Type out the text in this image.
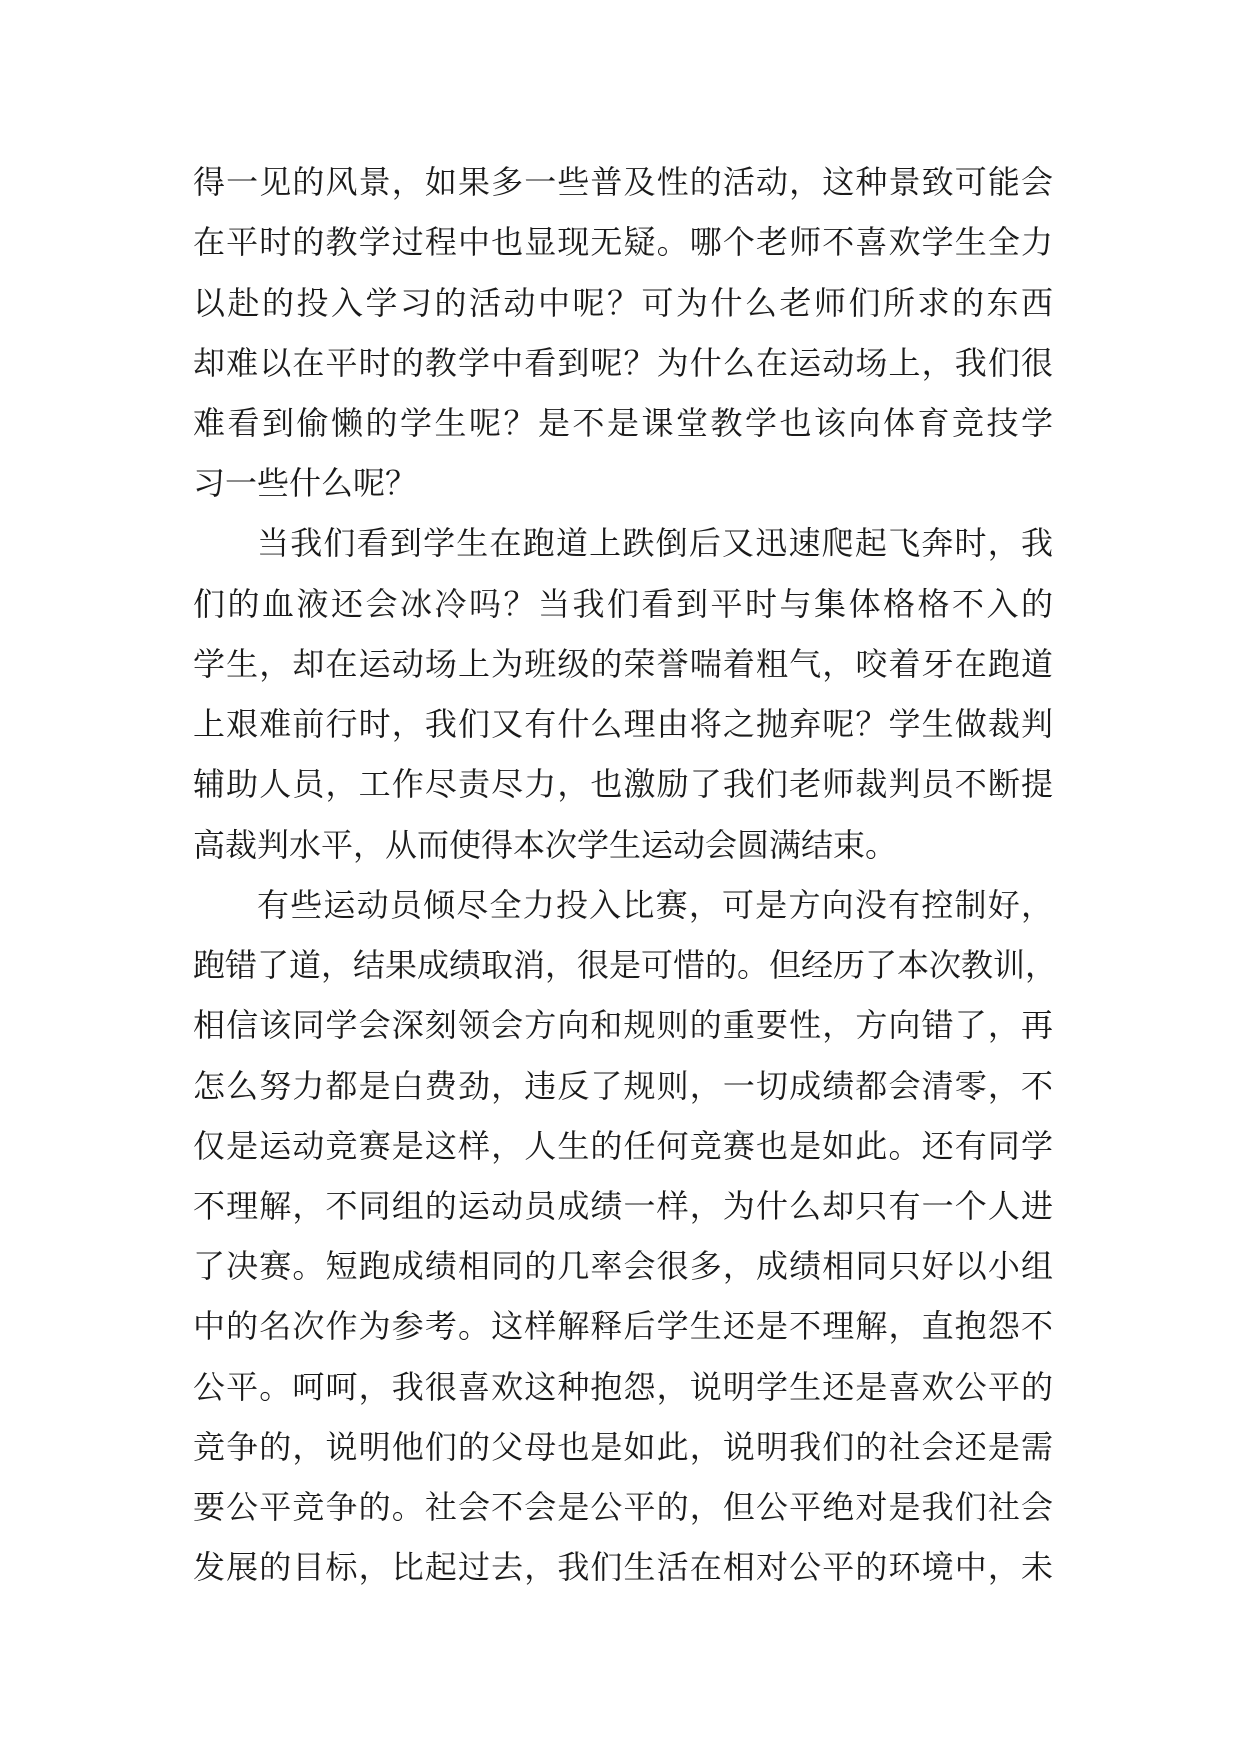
得一见的风景，如果多一些普及性的活动，这种景致可能会
在平时的教学过程中也显现无疑。哪个老师不喜欢学生全力
以赴的投入学习的活动中呢？可为什么老师们所求的东西
却难以在平时的教学中看到呢？为什么在运动场上，我们很
难看到偷懒的学生呢？是不是课堂教学也该向体育竞技学
习一些什么呢？
当我们看到学生在跑道上跌倒后又迅速爬起飞奔时，我
们的血液还会冰冷吗？当我们看到平时与集体格格不入的
学生，却在运动场上为班级的荣誉喘着粗气，咬着牙在跑道
上艰难前行时，我们又有什么理由将之抛弃呢？学生做裁判
辅助人员，工作尽责尽力，也激励了我们老师裁判员不断提
高裁判水平，从而使得本次学生运动会圆满结束。
有些运动员倾尽全力投入比赛，可是方向没有控制好，
跑错了道，结果成绩取消，很是可惜的。但经历了本次教训，
相信该同学会深刻领会方向和规则的重要性，方向错了，再
怎么努力都是白费劲，违反了规则，一切成绩都会清零，不
仅是运动竞赛是这样，人生的任何竞赛也是如此。还有同学
不理解，不同组的运动员成绩一样，为什么却只有一个人进
了决赛。短跑成绩相同的几率会很多，成绩相同只好以小组
中的名次作为参考。这样解释后学生还是不理解，直抱怨不
公平。呵呵，我很喜欢这种抱怨，说明学生还是喜欢公平的
竞争的，说明他们的父母也是如此，说明我们的社会还是需
要公平竞争的。社会不会是公平的，但公平绝对是我们社会
发展的目标，比起过去，我们生活在相对公平的环境中，未
